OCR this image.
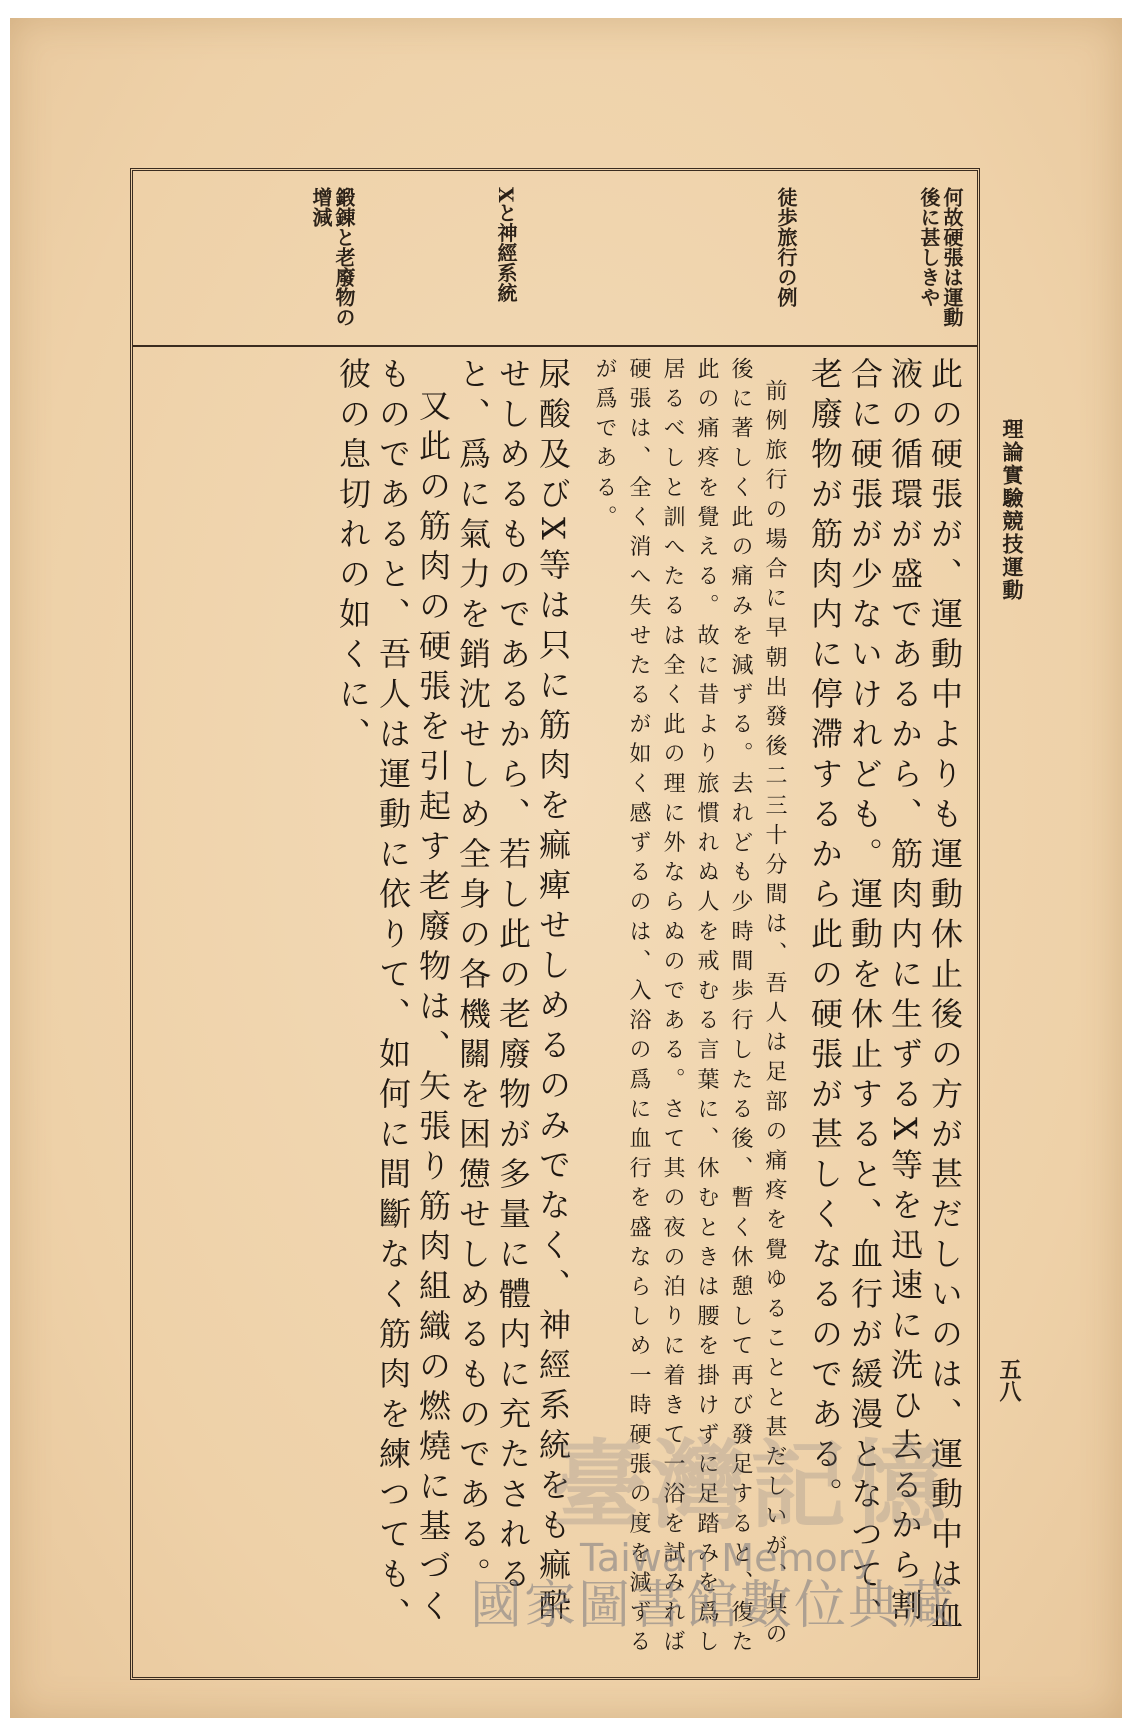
理論實驗競技運動
五八
何故硬張は運動後に甚しきや
徒歩旅行の例
Xと神經系統
鍛錬と老廢物の增減

此の硬張が、運動中よりも運動休止後の方が甚だしいのは、運動中は血液の循環が盛であるから、筋肉内に生ずるX等を迅速に洗ひ去るから割合に硬張が少ないけれども。運動を休止すると、血行が緩漫となつて、老廢物が筋肉内に停滯するから此の硬張が甚しくなるのである。

前例旅行の場合に早朝出發後二三十分間は、吾人は足部の痛疼を覺ゆることと甚だしいが、其の後に著しく此の痛みを減ずる。去れども少時間歩行したる後、暫く休憩して再び發足すると、復た此の痛疼を覺える。故に昔より旅慣れぬ人を戒むる言葉に、休むときは腰を掛けずに足踏みを爲し居るべしと訓へたるは全く此の理に外ならぬのである。さて其の夜の泊りに着きて一浴を試みれば硬張は、全く消へ失せたるが如く感ずるのは、入浴の爲に血行を盛ならしめ一時硬張の度を減ずるが爲である。

尿酸及びX等は只に筋肉を痲痺せしめるのみでなく、神經系統をも痲酔せしめるものであるから、若し此の老廢物が多量に體内に充たされると、爲に氣力を銷沈せしめ全身の各機關を困憊せしめるものである。

又此の筋肉の硬張を引起す老廢物は、矢張り筋肉組織の燃燒に基づくものであると、吾人は運動に依りて、如何に間斷なく筋肉を練つても、彼の息切れの如くに、

臺灣記憶
Taiwan Memory
國家圖書館數位典藏
